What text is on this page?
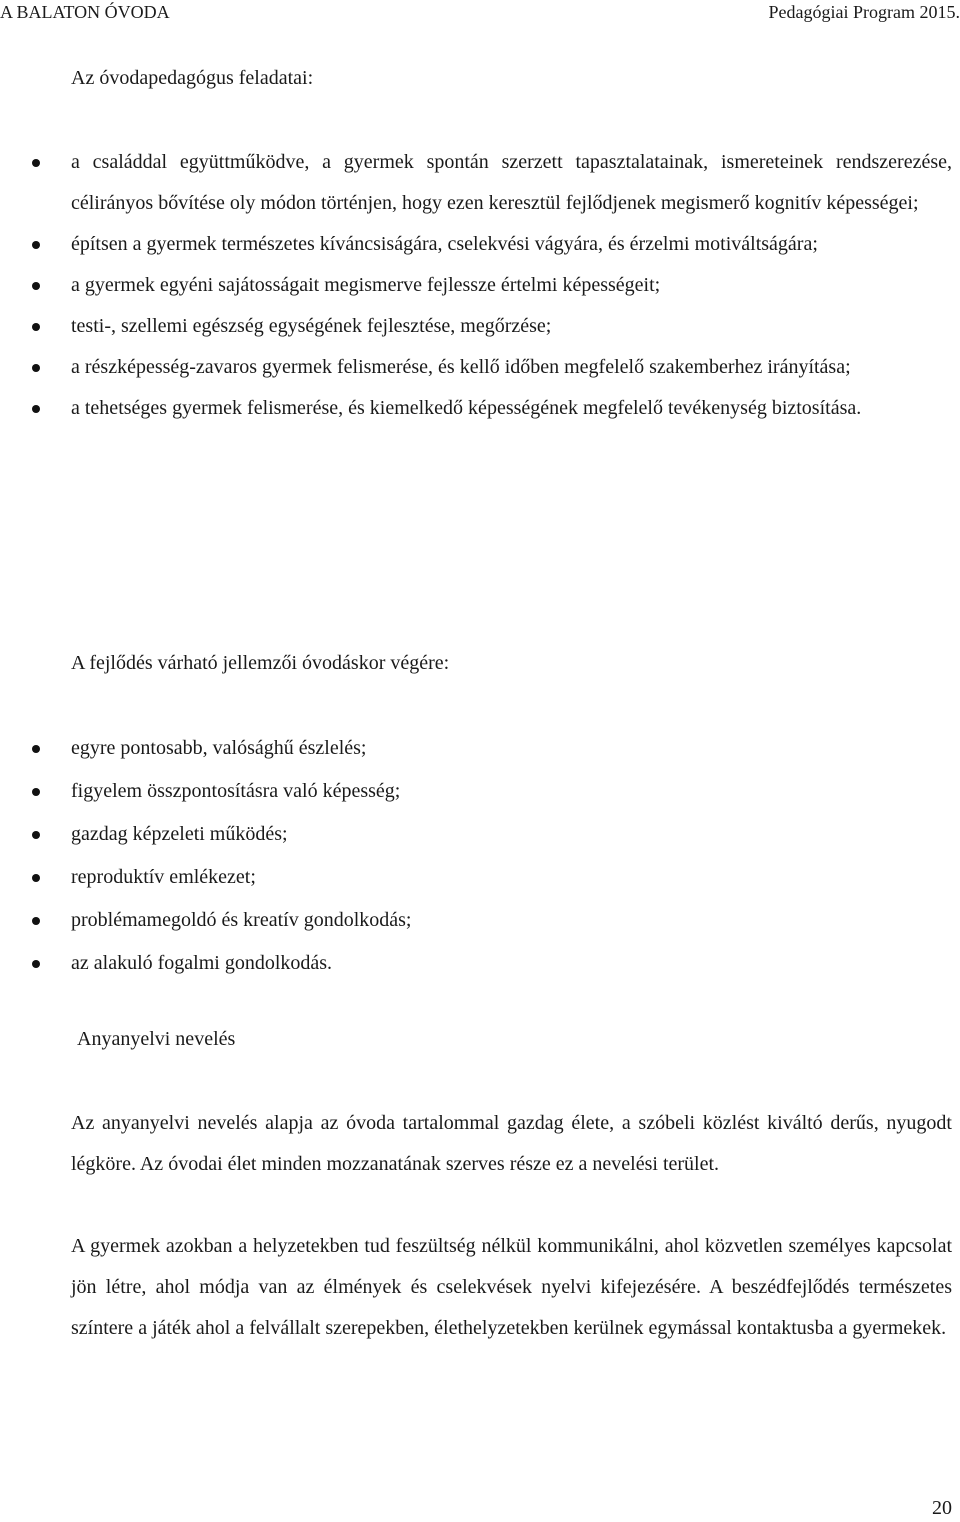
A BALATON ÓVODA	Pedagógiai Program 2015.
Az óvodapedagógus feladatai:
a családdal együttműködve, a gyermek spontán szerzett tapasztalatainak, ismereteinek rendszerezése, célirányos bővítése oly módon történjen, hogy ezen keresztül fejlődjenek megismerő kognitív képességei;
építsen a gyermek természetes kíváncsiságára, cselekvési vágyára, és érzelmi motiváltságára;
a gyermek egyéni sajátosságait megismerve fejlessze értelmi képességeit;
testi-, szellemi egészség egységének fejlesztése, megőrzése;
a részképesség-zavaros gyermek felismerése, és kellő időben megfelelő szakemberhez irányítása;
a tehetséges gyermek felismerése, és kiemelkedő képességének megfelelő tevékenység biztosítása.
A fejlődés várható jellemzői óvodáskor végére:
egyre pontosabb, valósághű észlelés;
figyelem összpontosításra való képesség;
gazdag képzeleti működés;
reproduktív emlékezet;
problémamegoldó és kreatív gondolkodás;
az alakuló fogalmi gondolkodás.
Anyanyelvi nevelés

Az anyanyelvi nevelés alapja az óvoda tartalommal gazdag élete, a szóbeli közlést kiváltó derűs, nyugodt légköre. Az óvodai élet minden mozzanatának szerves része ez a nevelési terület.

A gyermek azokban a helyzetekben tud feszültség nélkül kommunikálni, ahol közvetlen személyes kapcsolat jön létre, ahol módja van az élmények és cselekvések nyelvi kifejezésére. A beszédfejlődés természetes színtere a játék ahol a felvállalt szerepekben, élethelyzetekben kerülnek egymással kontaktusba a gyermekek.

20
